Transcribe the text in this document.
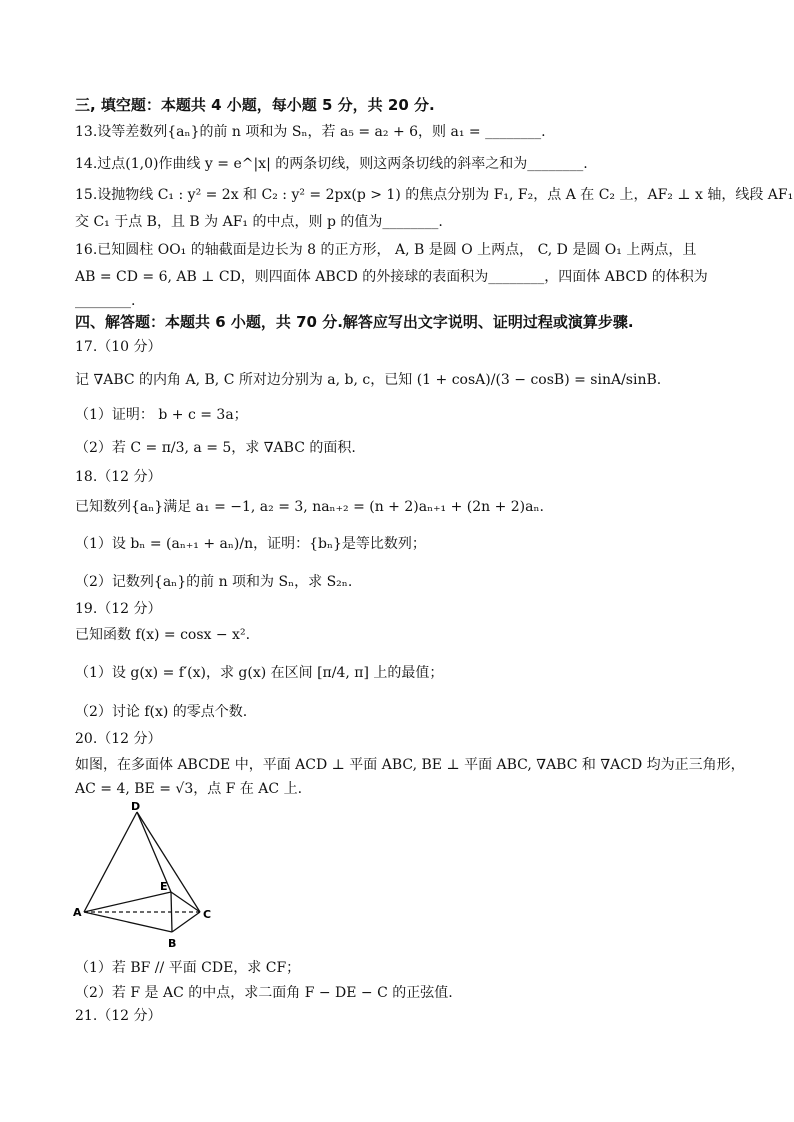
三, 填空题：本题共 4 小题，每小题 5 分，共 20 分.
13.设等差数列{aₙ}的前 n 项和为 Sₙ，若 a₅ = a₂ + 6，则 a₁ = ________.
14.过点(1,0)作曲线 y = e^|x| 的两条切线，则这两条切线的斜率之和为________.
15.设抛物线 C₁ : y² = 2x 和 C₂ : y² = 2px(p > 1) 的焦点分别为 F₁, F₂，点 A 在 C₂ 上，AF₂ ⊥ x 轴，线段 AF₁
交 C₁ 于点 B，且 B 为 AF₁ 的中点，则 p 的值为________.
16.已知圆柱 OO₁ 的轴截面是边长为 8 的正方形， A, B 是圆 O 上两点， C, D 是圆 O₁ 上两点，且
AB = CD = 6, AB ⊥ CD，则四面体 ABCD 的外接球的表面积为________，四面体 ABCD 的体积为
________.
四、解答题：本题共 6 小题，共 70 分.解答应写出文字说明、证明过程或演算步骤.
17.（10 分）
记 ∇ABC 的内角 A, B, C 所对边分别为 a, b, c，已知 (1 + cosA)/(3 − cosB) = sinA/sinB.
（1）证明： b + c = 3a；
（2）若 C = π/3, a = 5，求 ∇ABC 的面积.
18.（12 分）
已知数列{aₙ}满足 a₁ = −1, a₂ = 3, naₙ₊₂ = (n + 2)aₙ₊₁ + (2n + 2)aₙ.
（1）设 bₙ = (aₙ₊₁ + aₙ)/n，证明：{bₙ}是等比数列；
（2）记数列{aₙ}的前 n 项和为 Sₙ，求 S₂ₙ.
19.（12 分）
已知函数 f(x) = cosx − x².
（1）设 g(x) = f′(x)，求 g(x) 在区间 [π/4, π] 上的最值；
（2）讨论 f(x) 的零点个数.
20.（12 分）
如图，在多面体 ABCDE 中，平面 ACD ⊥ 平面 ABC, BE ⊥ 平面 ABC, ∇ABC 和 ∇ACD 均为正三角形，
AC = 4, BE = √3，点 F 在 AC 上.
D
E
A	C
B
（1）若 BF // 平面 CDE，求 CF；
（2）若 F 是 AC 的中点，求二面角 F − DE − C 的正弦值.
21.（12 分）
